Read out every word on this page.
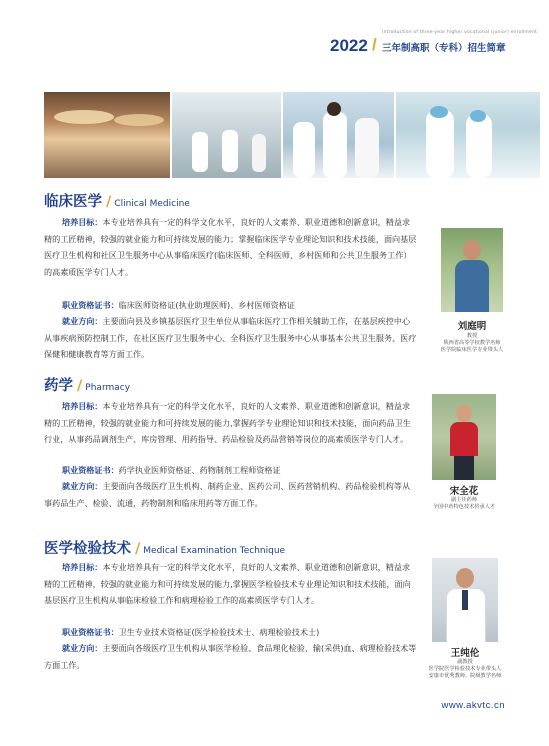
Introduction of three-year higher vocational (junior) enrollment
2022 / 三年制高职（专科）招生简章
临床医学 / Clinical Medicine

培养目标：本专业培养具有一定的科学文化水平，良好的人文素养、职业道德和创新意识，精益求精的工匠精神，较强的就业能力和可持续发展的能力；掌握临床医学专业理论知识和技术技能，面向基层医疗卫生机构和社区卫生服务中心从事临床医疗(临床医师、全科医师、乡村医师和公共卫生服务工作）的高素质医学专门人才。

职业资格证书：临床医师资格证(执业助理医师)、乡村医师资格证

就业方向：主要面向县及乡镇基层医疗卫生单位从事临床医疗工作相关辅助工作，在基层疾控中心从事疾病预防控制工作，在社区医疗卫生服务中心、全科医疗卫生服务中心从事基本公共卫生服务、医疗保健和健康教育等方面工作。

刘庭明
教授
陕西省高等学校教学名师
医学院临床医学专业带头人
药学 / Pharmacy

培养目标：本专业培养具有一定的科学文化水平，良好的人文素养、职业道德和创新意识，精益求精的工匠精神，较强的就业能力和可持续发展的能力,掌握药学专业理论知识和技术技能，面向药品卫生行业，从事药品调剂生产、库房管理、用药指导、药品检验及药品营销等岗位的高素质医学专门人才。

职业资格证书：药学执业医师资格证、药物制剂工程师资格证

就业方向：主要面向各级医疗卫生机构、制药企业、医药公司、医药营销机构、药品检验机构等从事药品生产、检验、流通，药物制剂和临床用药等方面工作。

宋全花
副主任药师
全国中药特色技术传承人才
医学检验技术 / Medical Examination Technique

培养目标：本专业培养具有一定的科学文化水平，良好的人文素养、职业道德和创新意识，精益求精的工匠精神，较强的就业能力和可持续发展的能力,掌握医学检验技术专业理论知识和技术技能，面向基层医疗卫生机构从事临床检验工作和病理检验工作的高素质医学专门人才。

职业资格证书：卫生专业技术资格证(医学检验技术士、病理检验技术士)

就业方向：主要面向各级医疗卫生机构从事医学检验、食品理化检验、输(采供)血、病理检验技术等方面工作。

王纯伦
副教授
医学院医学检验技术专业带头人
安康市优秀教师、院级教学名师
www.akvtc.cn
